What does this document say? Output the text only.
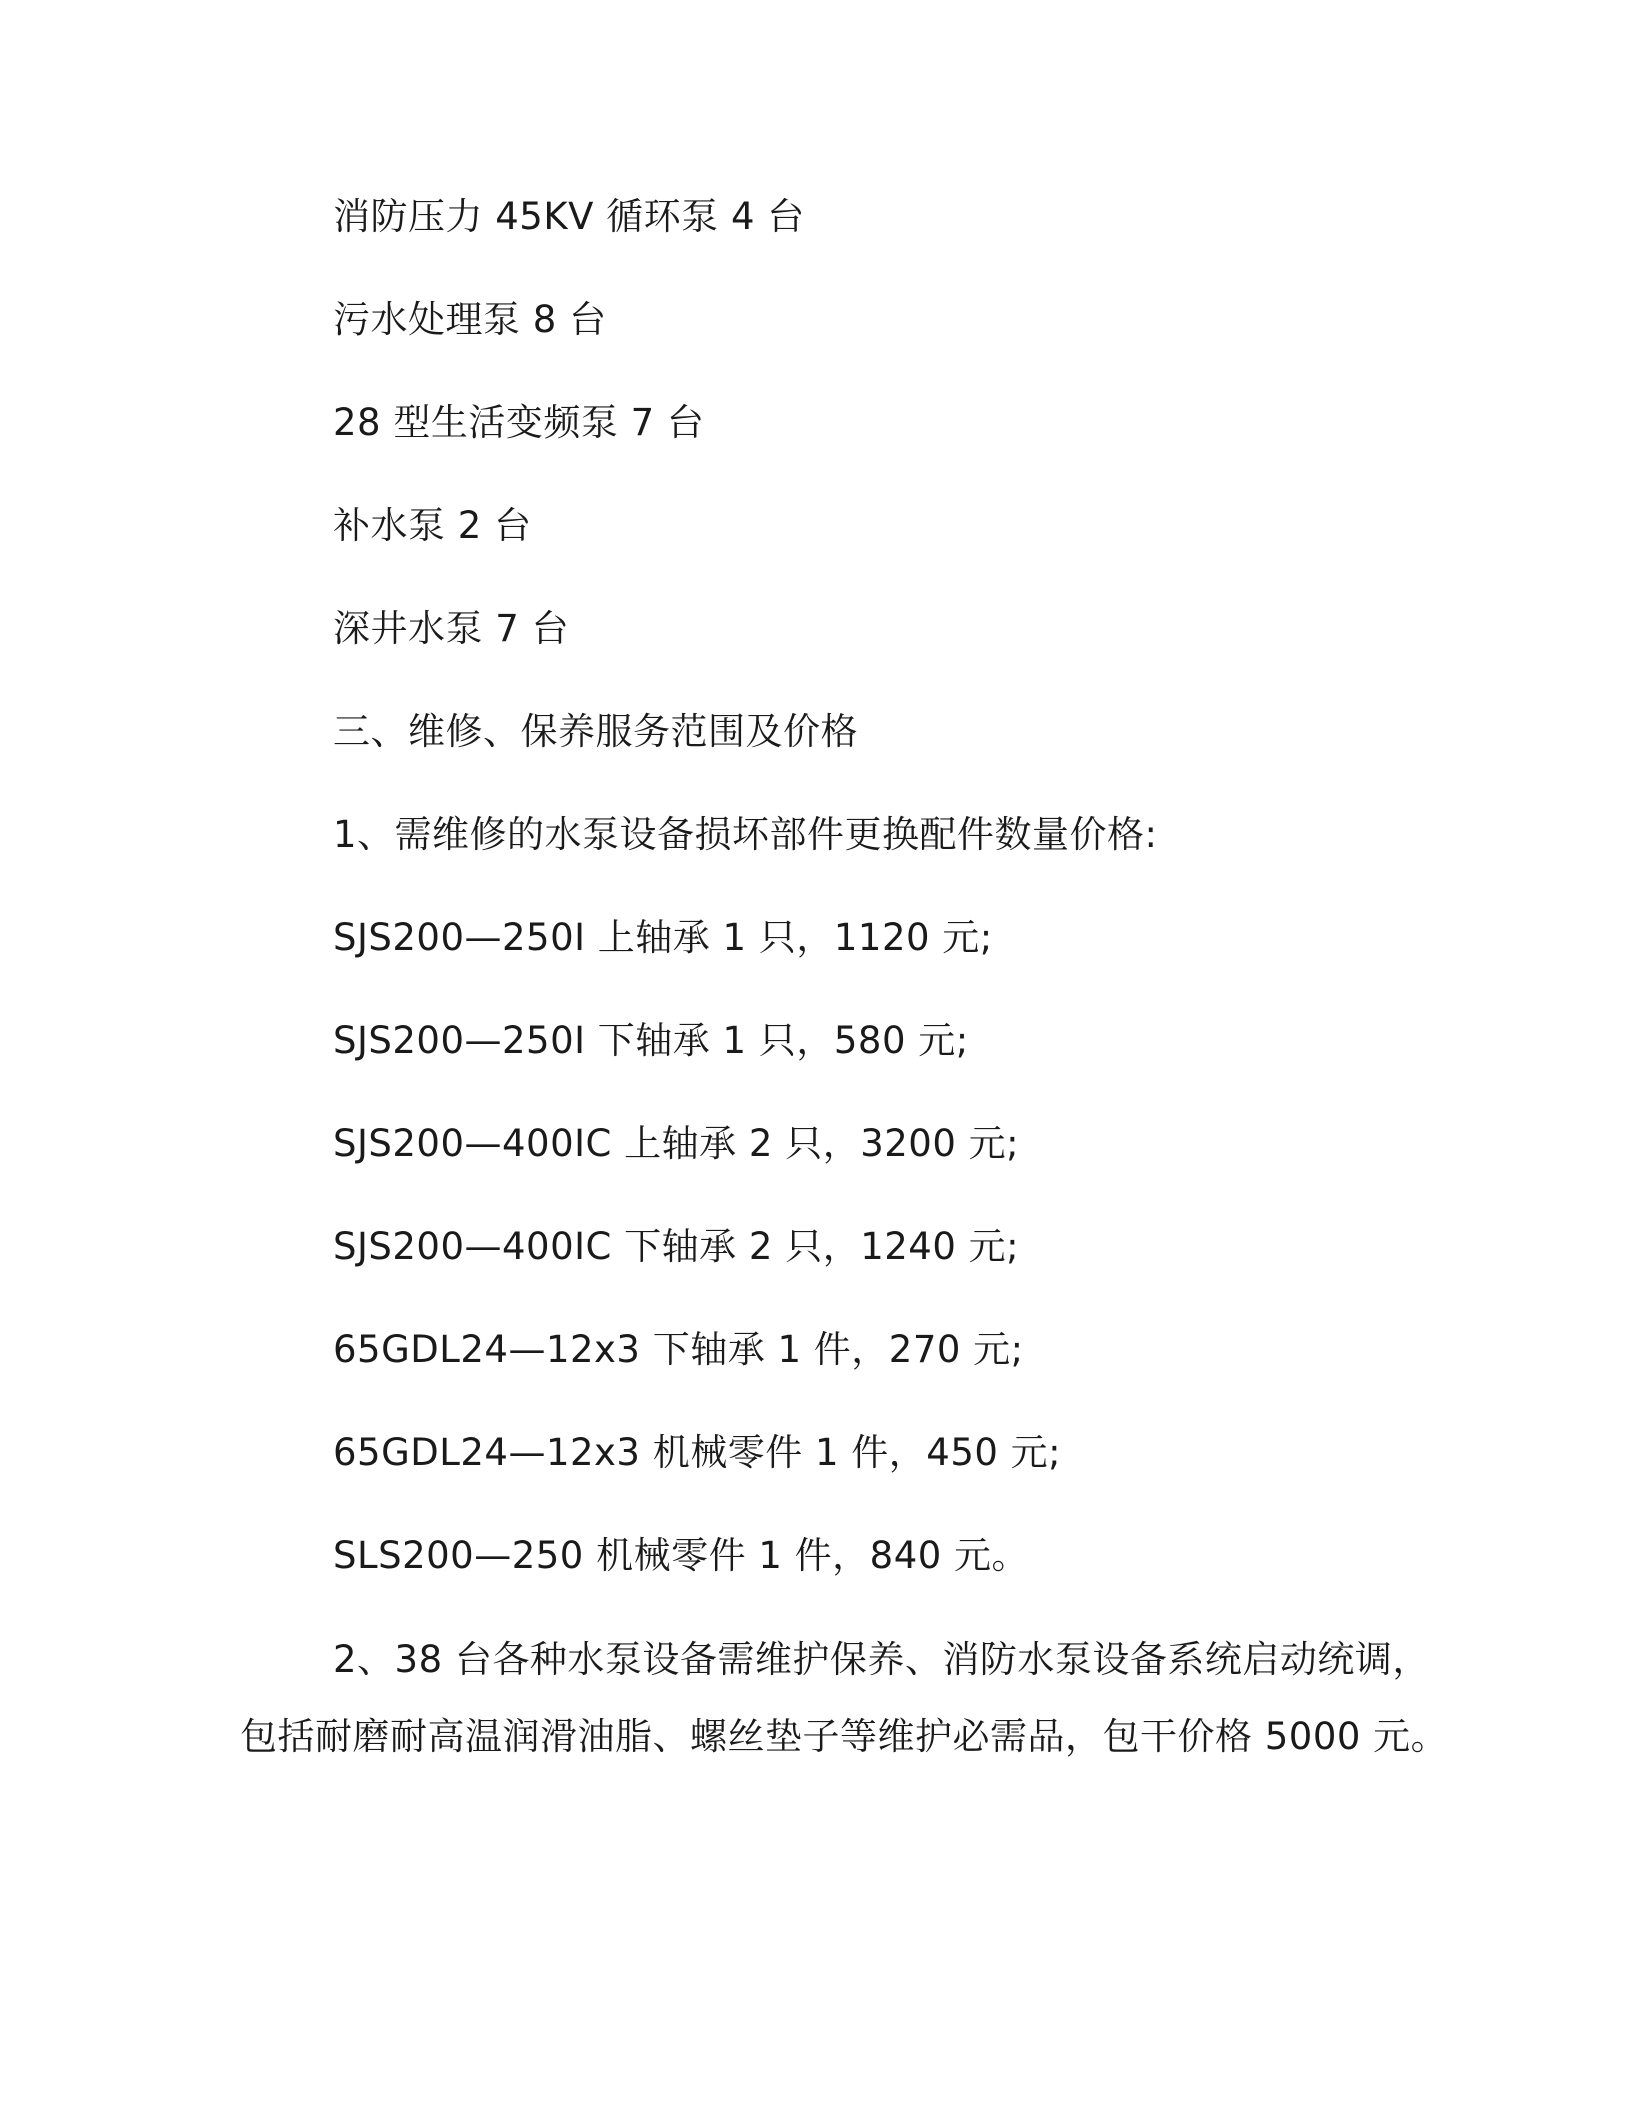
消防压力 45KV 循环泵 4 台
污水处理泵 8 台
28 型生活变频泵 7 台
补水泵 2 台
深井水泵 7 台
三、维修、保养服务范围及价格
1、需维修的水泵设备损坏部件更换配件数量价格:
SJS200—250I 上轴承 1 只，1120 元;
SJS200—250I 下轴承 1 只，580 元;
SJS200—400IC 上轴承 2 只，3200 元;
SJS200—400IC 下轴承 2 只，1240 元;
65GDL24—12x3 下轴承 1 件，270 元;
65GDL24—12x3 机械零件 1 件，450 元;
SLS200—250 机械零件 1 件，840 元。
2、38 台各种水泵设备需维护保养、消防水泵设备系统启动统调，
包括耐磨耐高温润滑油脂、螺丝垫子等维护必需品，包干价格 5000 元。
